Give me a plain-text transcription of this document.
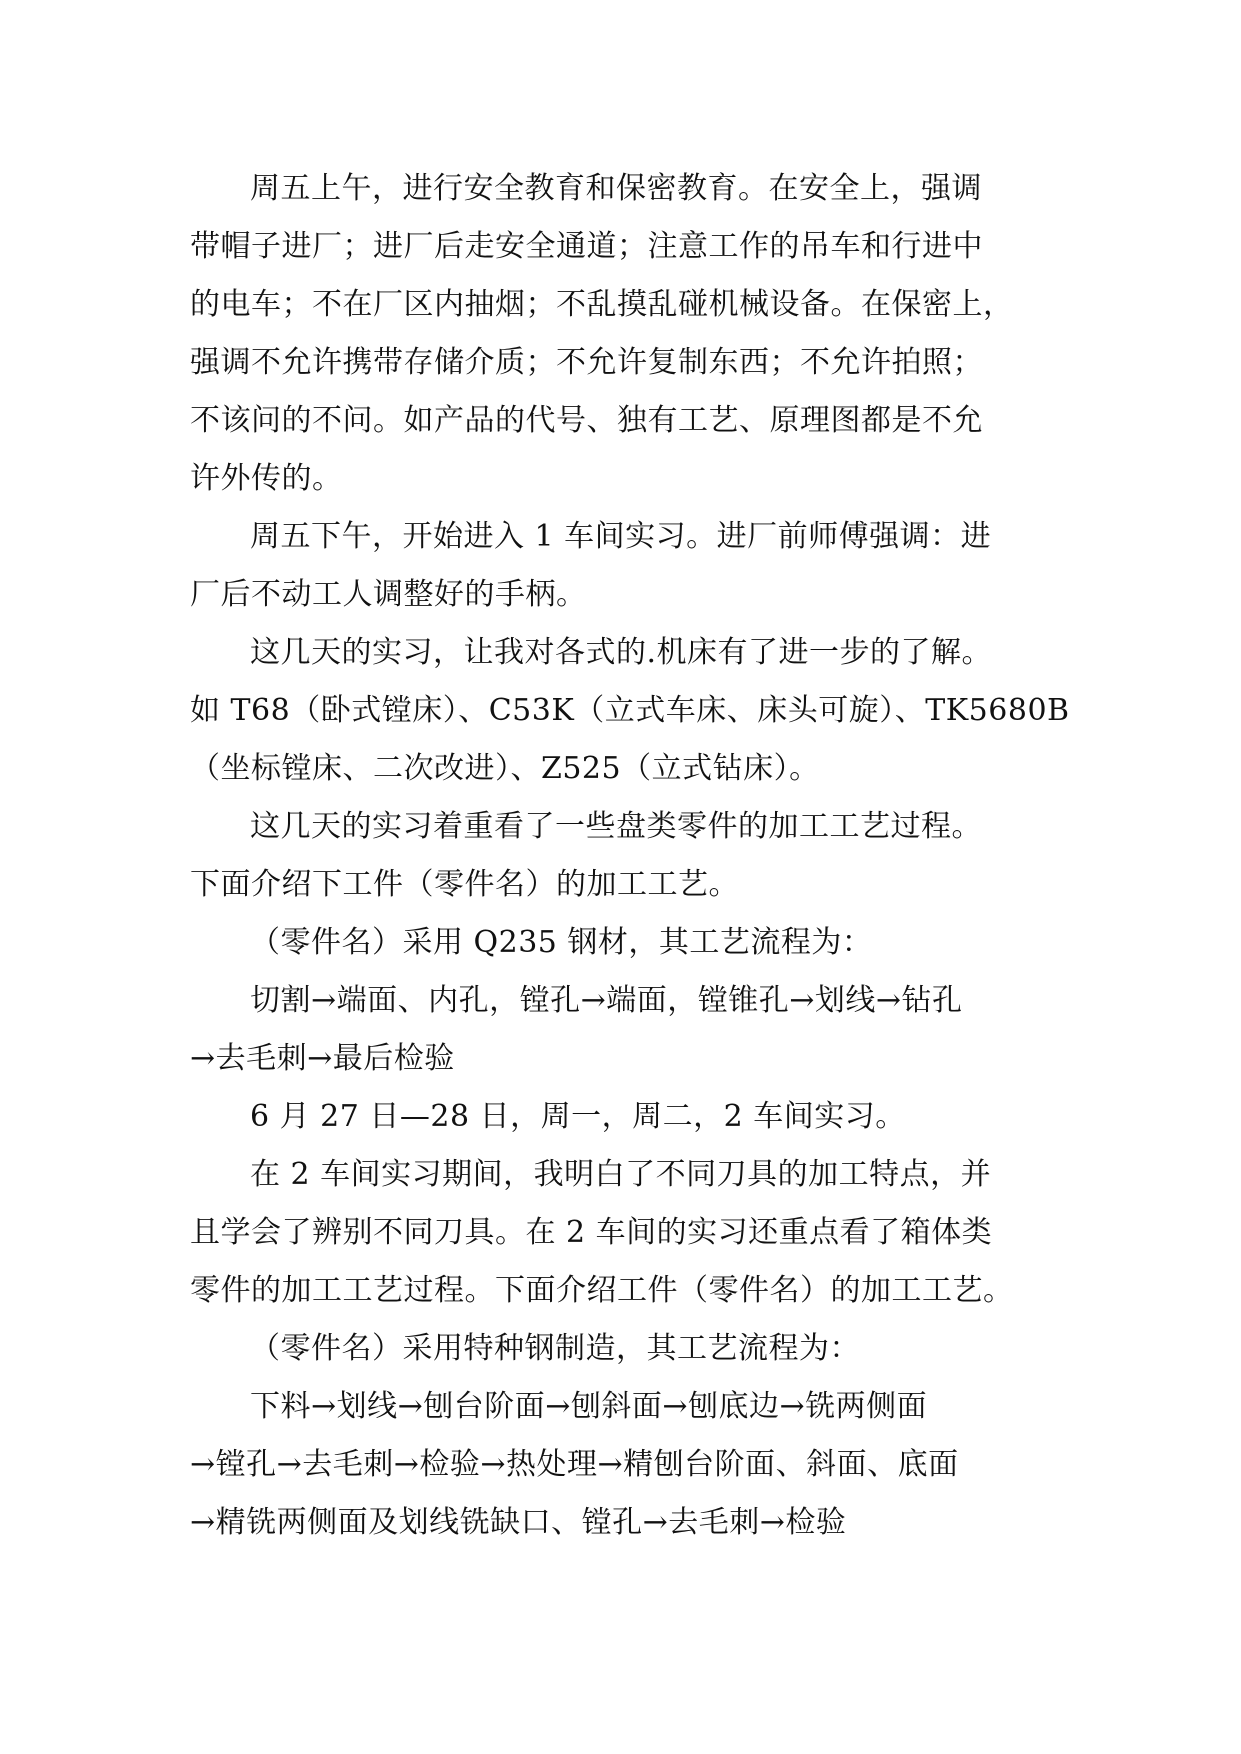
周五上午，进行安全教育和保密教育。在安全上，强调
带帽子进厂；进厂后走安全通道；注意工作的吊车和行进中
的电车；不在厂区内抽烟；不乱摸乱碰机械设备。在保密上，
强调不允许携带存储介质；不允许复制东西；不允许拍照；
不该问的不问。如产品的代号、独有工艺、原理图都是不允
许外传的。
周五下午，开始进入 1 车间实习。进厂前师傅强调：进
厂后不动工人调整好的手柄。
这几天的实习，让我对各式的.机床有了进一步的了解。
如 T68（卧式镗床）、C53K（立式车床、床头可旋）、TK5680B
（坐标镗床、二次改进）、Z525（立式钻床）。
这几天的实习着重看了一些盘类零件的加工工艺过程。
下面介绍下工件（零件名）的加工工艺。
（零件名）采用 Q235 钢材，其工艺流程为：
切割→端面、内孔，镗孔→端面，镗锥孔→划线→钻孔
→去毛刺→最后检验
6 月 27 日—28 日，周一，周二，2 车间实习。
在 2 车间实习期间，我明白了不同刀具的加工特点，并
且学会了辨别不同刀具。在 2 车间的实习还重点看了箱体类
零件的加工工艺过程。下面介绍工件（零件名）的加工工艺。
（零件名）采用特种钢制造，其工艺流程为：
下料→划线→刨台阶面→刨斜面→刨底边→铣两侧面
→镗孔→去毛刺→检验→热处理→精刨台阶面、斜面、底面
→精铣两侧面及划线铣缺口、镗孔→去毛刺→检验
